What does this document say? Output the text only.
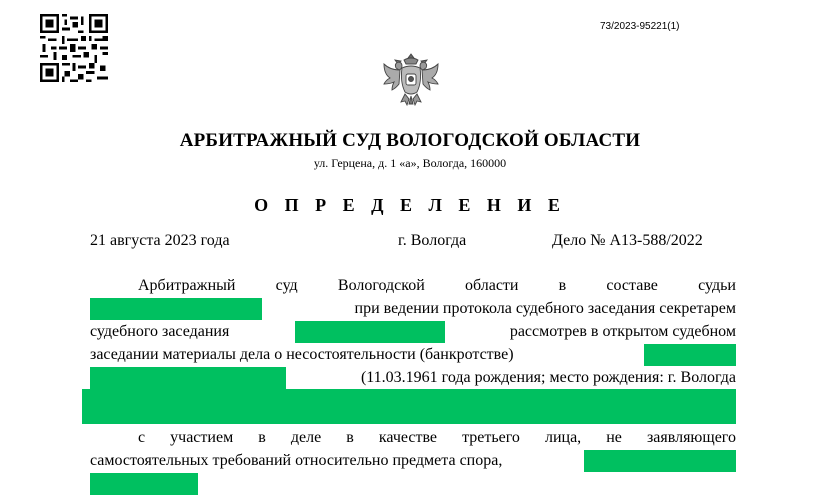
73/2023-95221(1)
АРБИТРАЖНЫЙ СУД ВОЛОГОДСКОЙ ОБЛАСТИ
ул. Герцена, д. 1 «а», Вологда, 160000
О П Р Е Д Е Л Е Н И Е
21 августа 2023 года	г. Вологда	Дело № А13-588/2022
Арбитражный	суд	Вологодской	области	в	составе	судьи
при ведении протокола судебного заседания секретарем
судебного заседания	рассмотрев в открытом судебном
заседании материалы дела о несостоятельности (банкротстве)
(11.03.1961 года рождения; место рождения: г. Вологда
с участием в деле в качестве третьего лица, не заявляющего
самостоятельных требований относительно предмета спора,
